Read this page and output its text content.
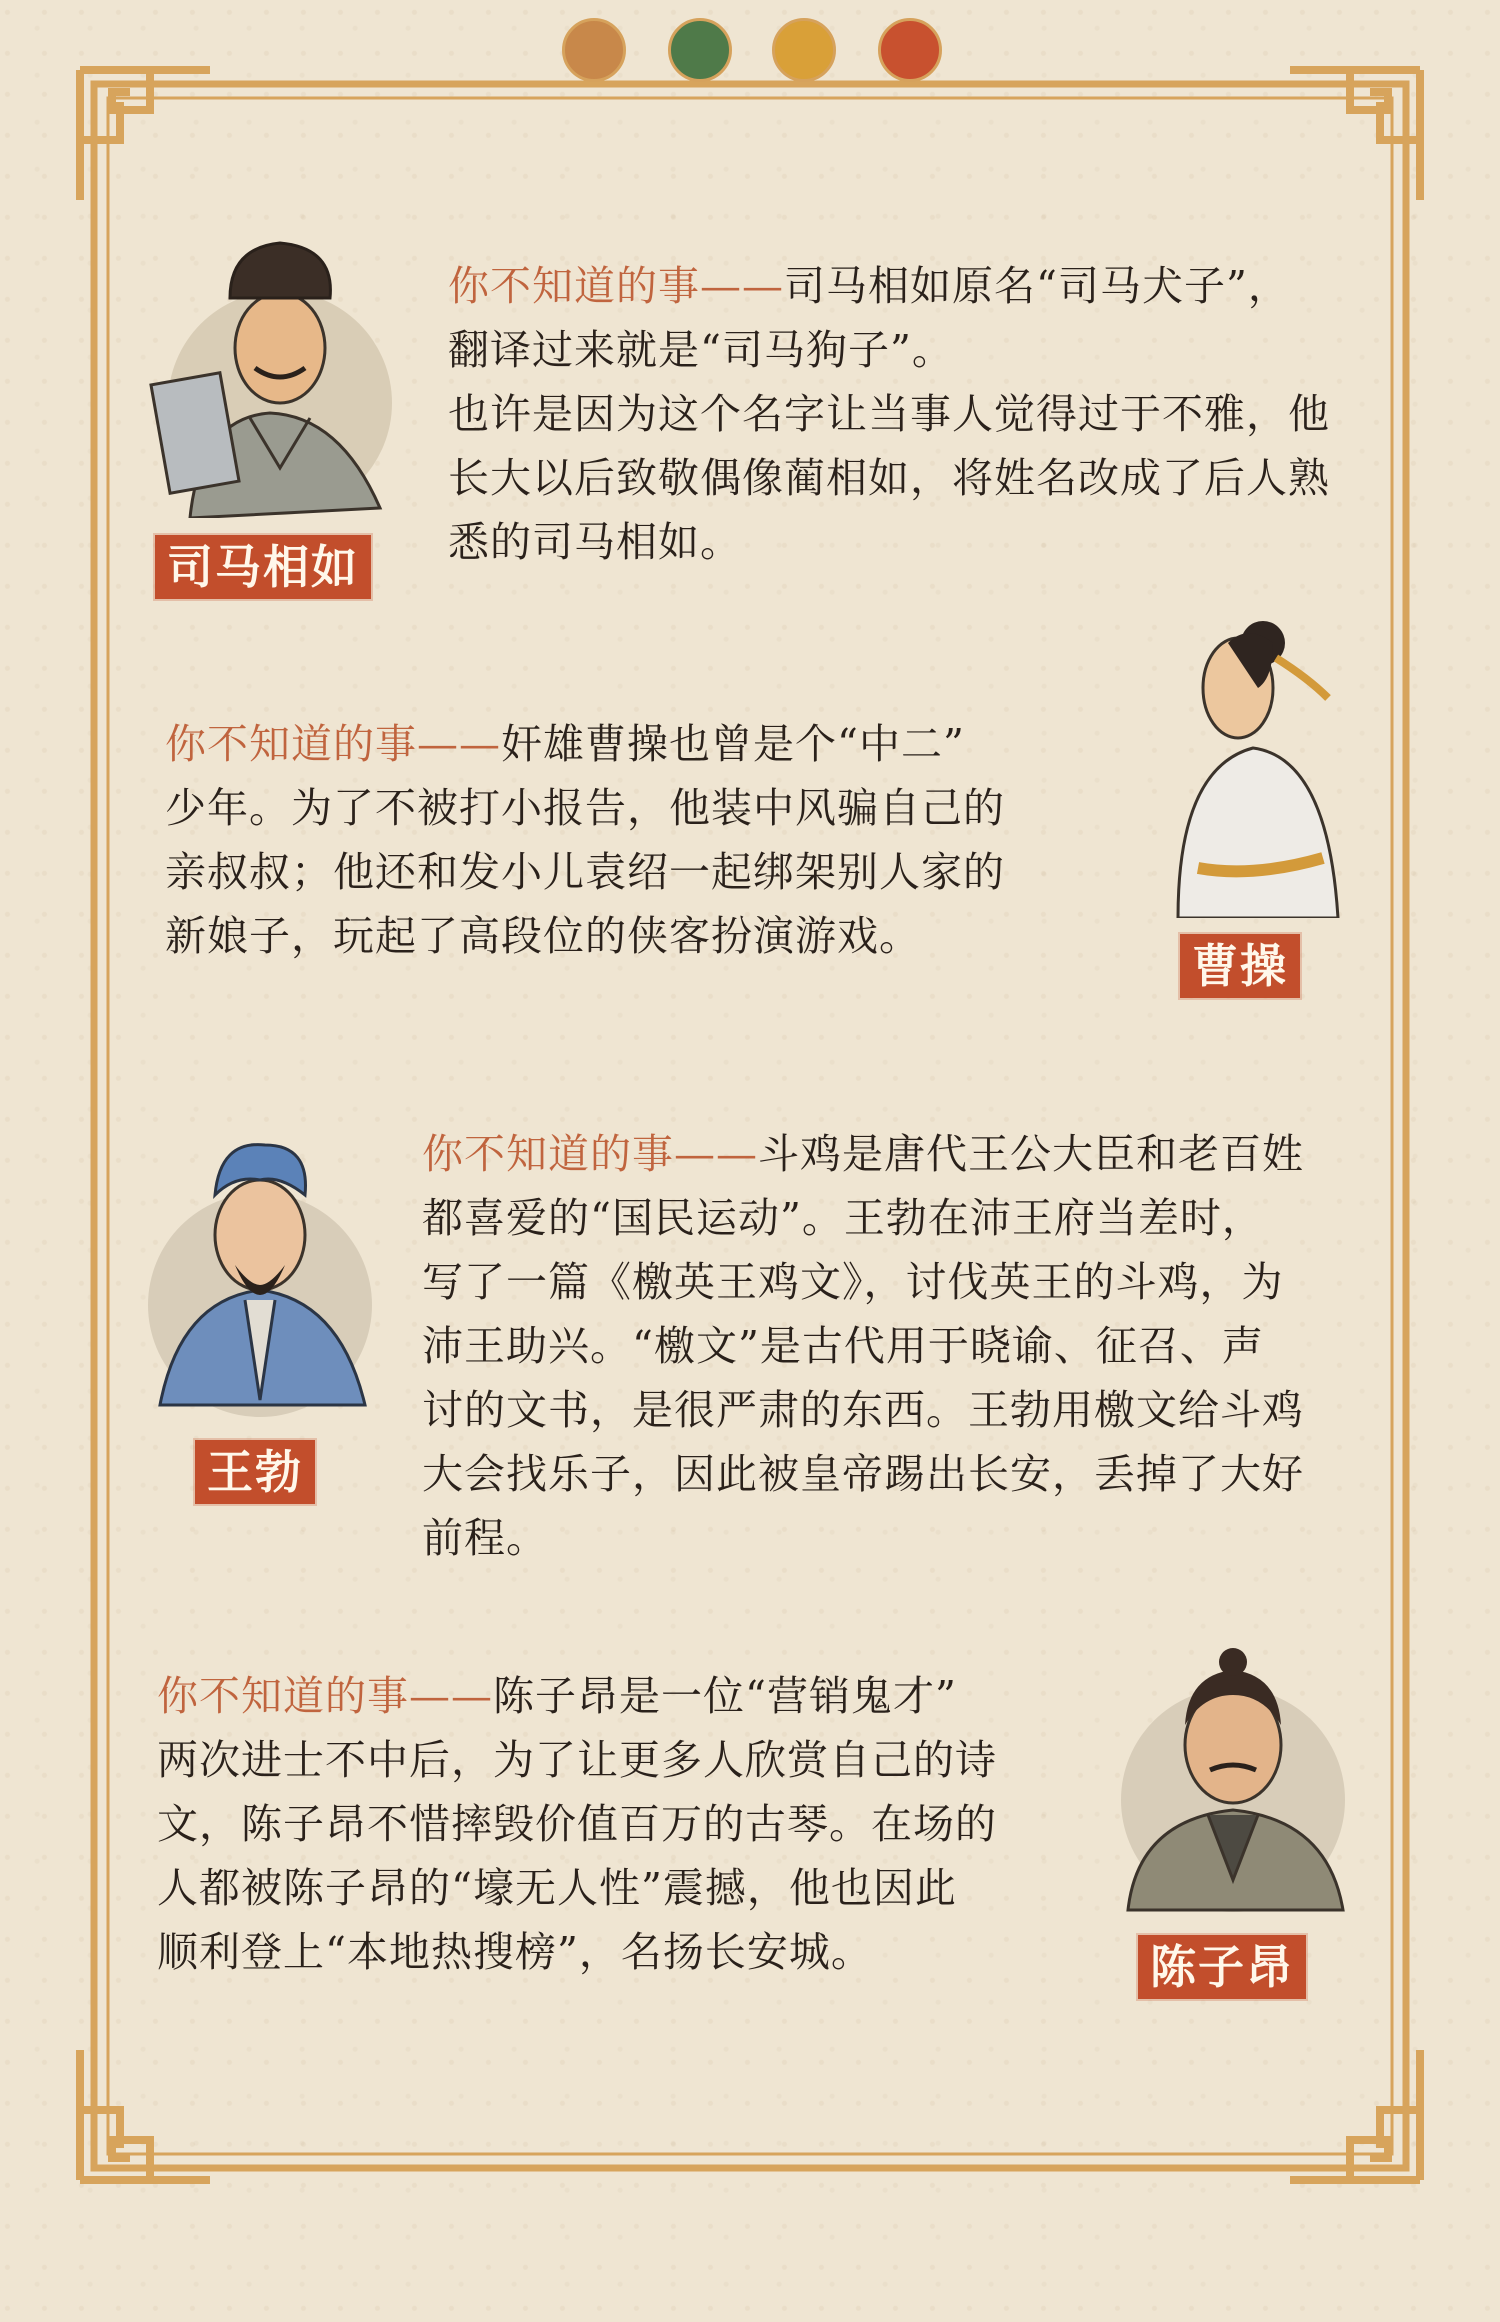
司马相如

你不知道的事——司马相如原名“司马犬子”，

翻译过来就是“司马狗子”。

也许是因为这个名字让当事人觉得过于不雅，他

长大以后致敬偶像蔺相如，将姓名改成了后人熟

悉的司马相如。

曹操

你不知道的事——奸雄曹操也曾是个“中二”

少年。为了不被打小报告，他装中风骗自己的

亲叔叔；他还和发小儿袁绍一起绑架别人家的

新娘子，玩起了高段位的侠客扮演游戏。

王勃

你不知道的事——斗鸡是唐代王公大臣和老百姓

都喜爱的“国民运动”。王勃在沛王府当差时，

写了一篇《檄英王鸡文》，讨伐英王的斗鸡，为

沛王助兴。“檄文”是古代用于晓谕、征召、声

讨的文书，是很严肃的东西。王勃用檄文给斗鸡

大会找乐子，因此被皇帝踢出长安，丢掉了大好

前程。

陈子昂

你不知道的事——陈子昂是一位“营销鬼才”

两次进士不中后，为了让更多人欣赏自己的诗

文，陈子昂不惜摔毁价值百万的古琴。在场的

人都被陈子昂的“壕无人性”震撼，他也因此

顺利登上“本地热搜榜”，名扬长安城。
